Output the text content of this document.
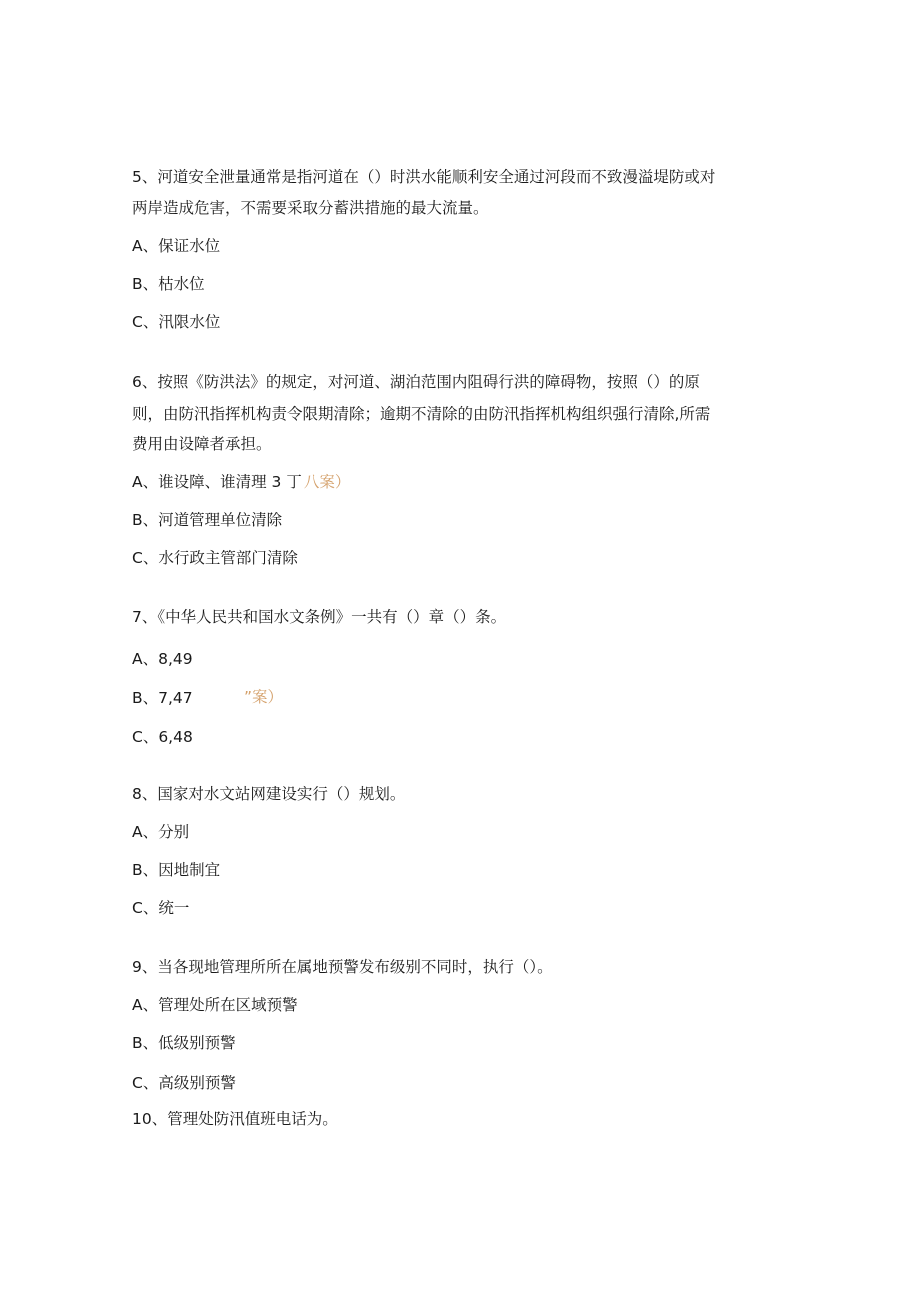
5、河道安全泄量通常是指河道在（）时洪水能顺利安全通过河段而不致漫溢堤防或对
两岸造成危害，不需要采取分蓄洪措施的最大流量。
A、保证水位
B、枯水位
C、汛限水位
6、按照《防洪法》的规定，对河道、湖泊范围内阻碍行洪的障碍物，按照（）的原
则，由防汛指挥机构责令限期清除；逾期不清除的由防汛指挥机构组织强行清除,所需
费用由设障者承担。
A、谁设障、谁清理 3 丁 八案）
B、河道管理单位清除
C、水行政主管部门清除
7、《中华人民共和国水文条例》一共有（）章（）条。
A、8,49
B、7,47	”案）
C、6,48
8、国家对水文站网建设实行（）规划。
A、分别
B、因地制宜
C、统一
9、当各现地管理所所在属地预警发布级别不同时，执行（）。
A、管理处所在区域预警
B、低级别预警
C、高级别预警
10、管理处防汛值班电话为。
